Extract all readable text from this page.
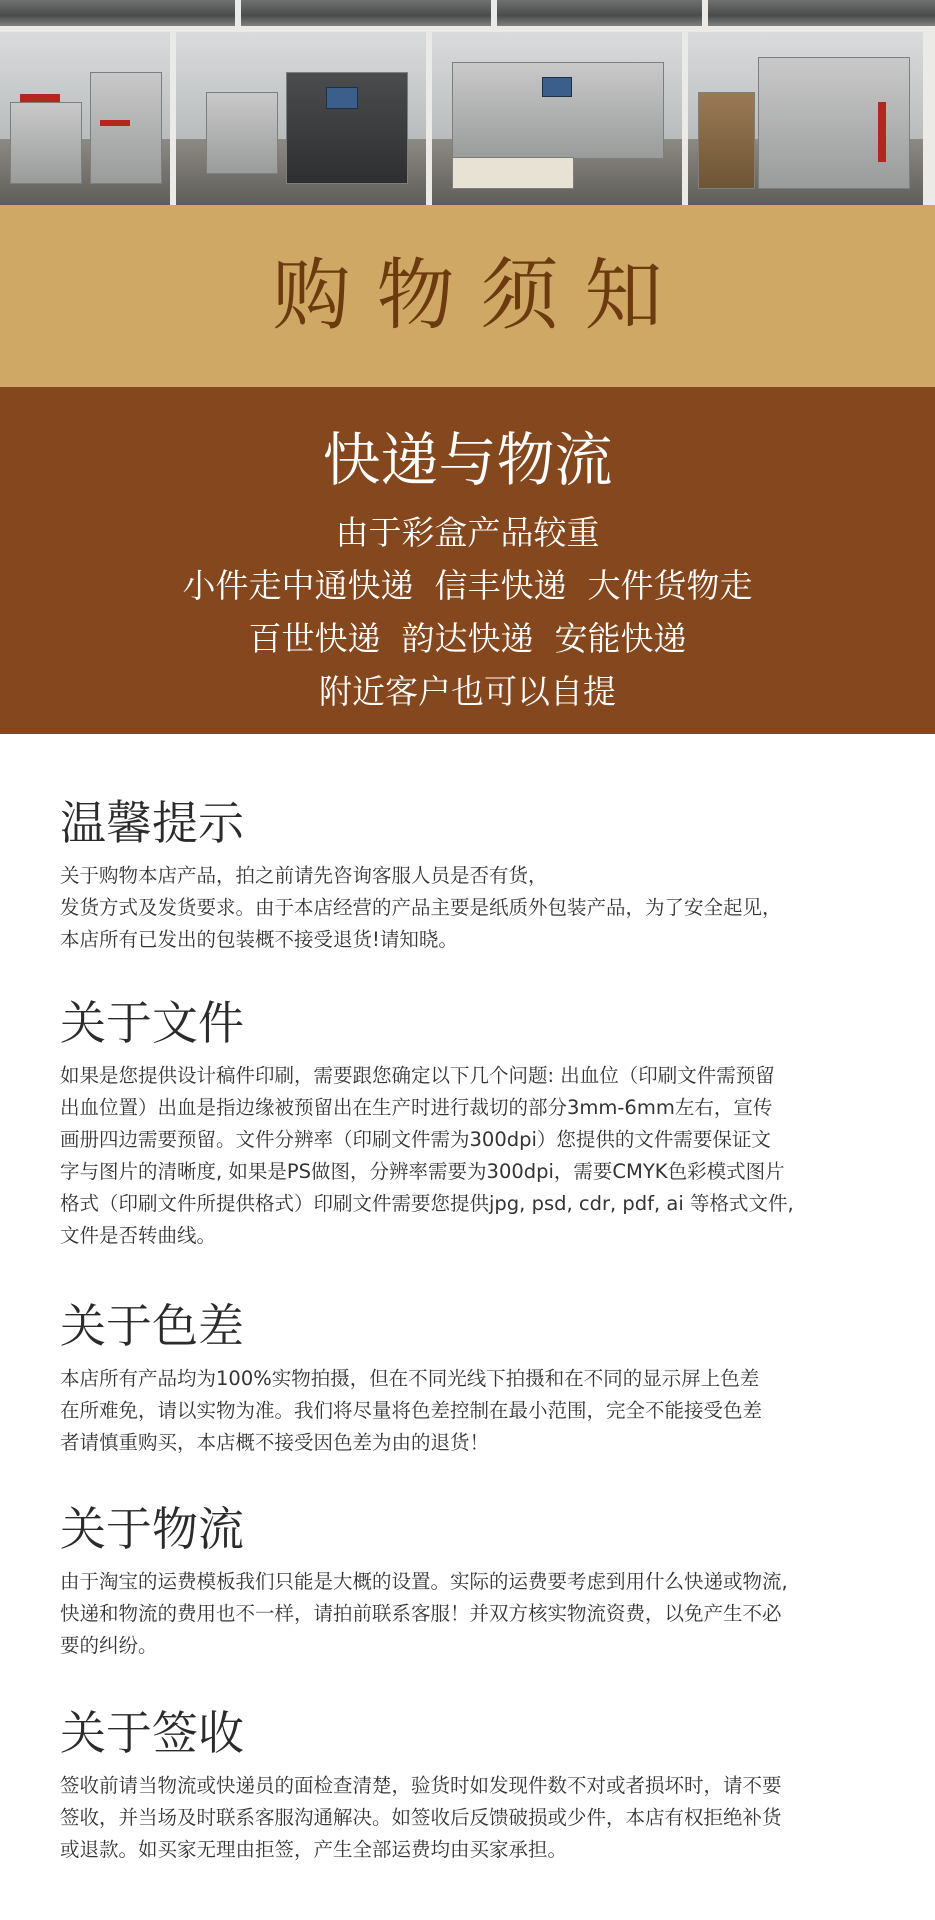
购物须知
快递与物流
由于彩盒产品较重
小件走中通快递  信丰快递  大件货物走
百世快递  韵达快递  安能快递
附近客户也可以自提
温馨提示

关于购物本店产品，拍之前请先咨询客服人员是否有货，
发货方式及发货要求。由于本店经营的产品主要是纸质外包装产品，为了安全起见，
本店所有已发出的包装概不接受退货!请知晓。

关于文件

如果是您提供设计稿件印刷，需要跟您确定以下几个问题: 出血位（印刷文件需预留
出血位置）出血是指边缘被预留出在生产时进行裁切的部分3mm-6mm左右，宣传
画册四边需要预留。文件分辨率（印刷文件需为300dpi）您提供的文件需要保证文
字与图片的清晰度, 如果是PS做图，分辨率需要为300dpi，需要CMYK色彩模式图片
格式（印刷文件所提供格式）印刷文件需要您提供jpg, psd, cdr, pdf, ai 等格式文件,
文件是否转曲线。

关于色差

本店所有产品均为100%实物拍摄，但在不同光线下拍摄和在不同的显示屏上色差
在所难免，请以实物为准。我们将尽量将色差控制在最小范围，完全不能接受色差
者请慎重购买，本店概不接受因色差为由的退货！

关于物流

由于淘宝的运费模板我们只能是大概的设置。实际的运费要考虑到用什么快递或物流,
快递和物流的费用也不一样，请拍前联系客服！并双方核实物流资费，以免产生不必
要的纠纷。

关于签收

签收前请当物流或快递员的面检查清楚，验货时如发现件数不对或者损坏时，请不要
签收，并当场及时联系客服沟通解决。如签收后反馈破损或少件，本店有权拒绝补货
或退款。如买家无理由拒签，产生全部运费均由买家承担。
